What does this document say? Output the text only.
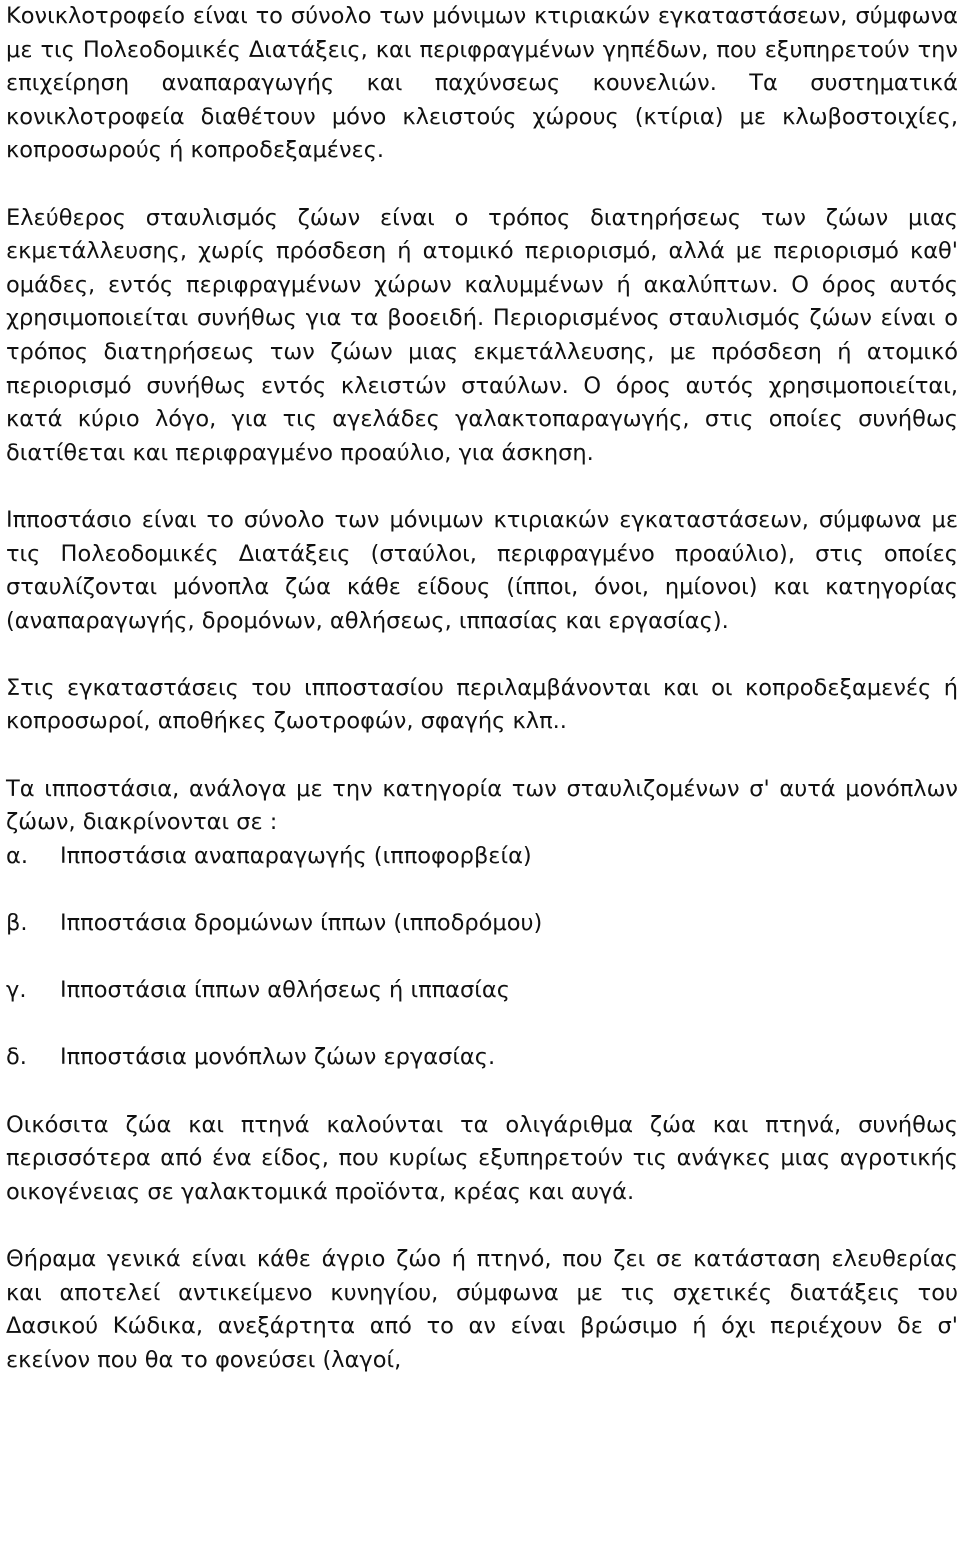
Κονικλοτροφείο είναι το σύνολο των μόνιμων κτιριακών εγκαταστάσεων, σύμφωνα με τις Πολεοδομικές Διατάξεις, και περιφραγμένων γηπέδων, που εξυπηρετούν την επιχείρηση αναπαραγωγής και παχύνσεως κουνελιών. Τα συστηματικά κονικλοτροφεία διαθέτουν μόνο κλειστούς χώρους (κτίρια) με κλωβοστοιχίες, κοπροσωρούς ή κοπροδεξαμένες.

Ελεύθερος σταυλισμός ζώων είναι ο τρόπος διατηρήσεως των ζώων μιας εκμετάλλευσης, χωρίς πρόσδεση ή ατομικό περιορισμό, αλλά με περιορισμό καθ' ομάδες, εντός περιφραγμένων χώρων καλυμμένων ή ακαλύπτων. Ο όρος αυτός χρησιμοποιείται συνήθως για τα βοοειδή. Περιορισμένος σταυλισμός ζώων είναι ο τρόπος διατηρήσεως των ζώων μιας εκμετάλλευσης, με πρόσδεση ή ατομικό περιορισμό συνήθως εντός κλειστών σταύλων. Ο όρος αυτός χρησιμοποιείται, κατά κύριο λόγο, για τις αγελάδες γαλακτοπαραγωγής, στις οποίες συνήθως διατίθεται και περιφραγμένο προαύλιο, για άσκηση.

Ιπποστάσιο είναι το σύνολο των μόνιμων κτιριακών εγκαταστάσεων, σύμφωνα με τις Πολεοδομικές Διατάξεις (σταύλοι, περιφραγμένο προαύλιο), στις οποίες σταυλίζονται μόνοπλα ζώα κάθε είδους (ίπποι, όνοι, ημίονοι) και κατηγορίας (αναπαραγωγής, δρομόνων, αθλήσεως, ιππασίας και εργασίας).

Στις εγκαταστάσεις του ιπποστασίου περιλαμβάνονται και οι κοπροδεξαμενές ή κοπροσωροί, αποθήκες ζωοτροφών, σφαγής κλπ..

Τα ιπποστάσια, ανάλογα με την κατηγορία των σταυλιζομένων σ' αυτά μονόπλων ζώων, διακρίνονται σε :

α.	Ιπποστάσια αναπαραγωγής (ιπποφορβεία)
β.	Ιπποστάσια δρομώνων ίππων (ιπποδρόμου)
γ.	Ιπποστάσια ίππων αθλήσεως ή ιππασίας
δ.	Ιπποστάσια μονόπλων ζώων εργασίας.

Οικόσιτα ζώα και πτηνά καλούνται τα ολιγάριθμα ζώα και πτηνά, συνήθως περισσότερα από ένα είδος, που κυρίως εξυπηρετούν τις ανάγκες μιας αγροτικής οικογένειας σε γαλακτομικά προϊόντα, κρέας και αυγά.

Θήραμα γενικά είναι κάθε άγριο ζώο ή πτηνό, που ζει σε κατάσταση ελευθερίας και αποτελεί αντικείμενο κυνηγίου, σύμφωνα με τις σχετικές διατάξεις του Δασικού Κώδικα, ανεξάρτητα από το αν είναι βρώσιμο ή όχι περιέχουν δε σ' εκείνον που θα το φονεύσει (λαγοί,
